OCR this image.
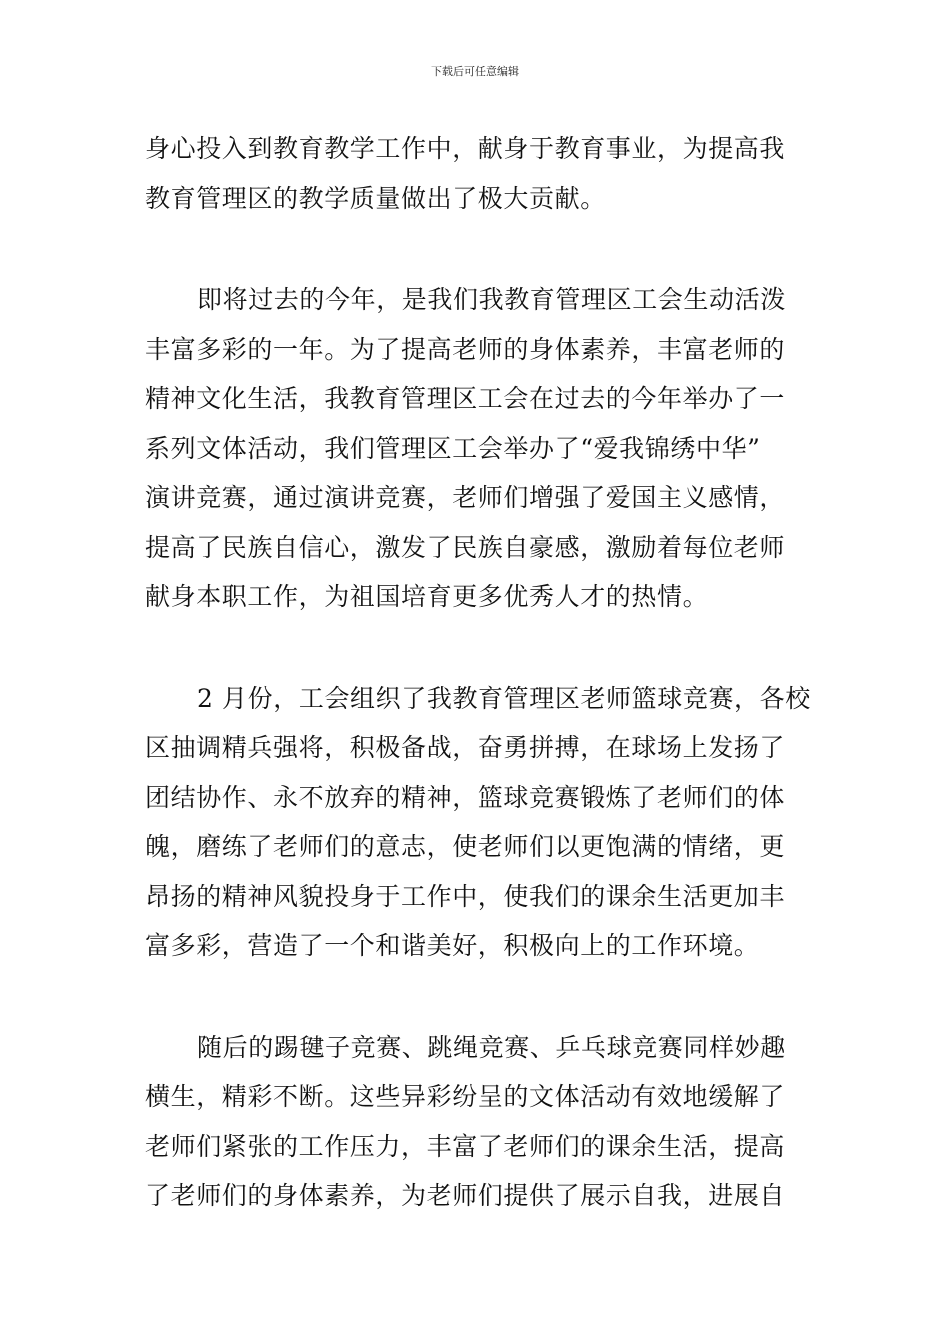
下载后可任意编辑

身心投入到教育教学工作中，献身于教育事业，为提高我
教育管理区的教学质量做出了极大贡献。

即将过去的今年，是我们我教育管理区工会生动活泼
丰富多彩的一年。为了提高老师的身体素养，丰富老师的
精神文化生活，我教育管理区工会在过去的今年举办了一
系列文体活动，我们管理区工会举办了“爱我锦绣中华”
演讲竞赛，通过演讲竞赛，老师们增强了爱国主义感情，
提高了民族自信心，激发了民族自豪感，激励着每位老师
献身本职工作，为祖国培育更多优秀人才的热情。

2 月份，工会组织了我教育管理区老师篮球竞赛，各校
区抽调精兵强将，积极备战，奋勇拼搏，在球场上发扬了
团结协作、永不放弃的精神，篮球竞赛锻炼了老师们的体
魄，磨练了老师们的意志，使老师们以更饱满的情绪，更
昂扬的精神风貌投身于工作中，使我们的课余生活更加丰
富多彩，营造了一个和谐美好，积极向上的工作环境。

随后的踢毽子竞赛、跳绳竞赛、乒乓球竞赛同样妙趣
横生，精彩不断。这些异彩纷呈的文体活动有效地缓解了
老师们紧张的工作压力，丰富了老师们的课余生活，提高
了老师们的身体素养，为老师们提供了展示自我，进展自
